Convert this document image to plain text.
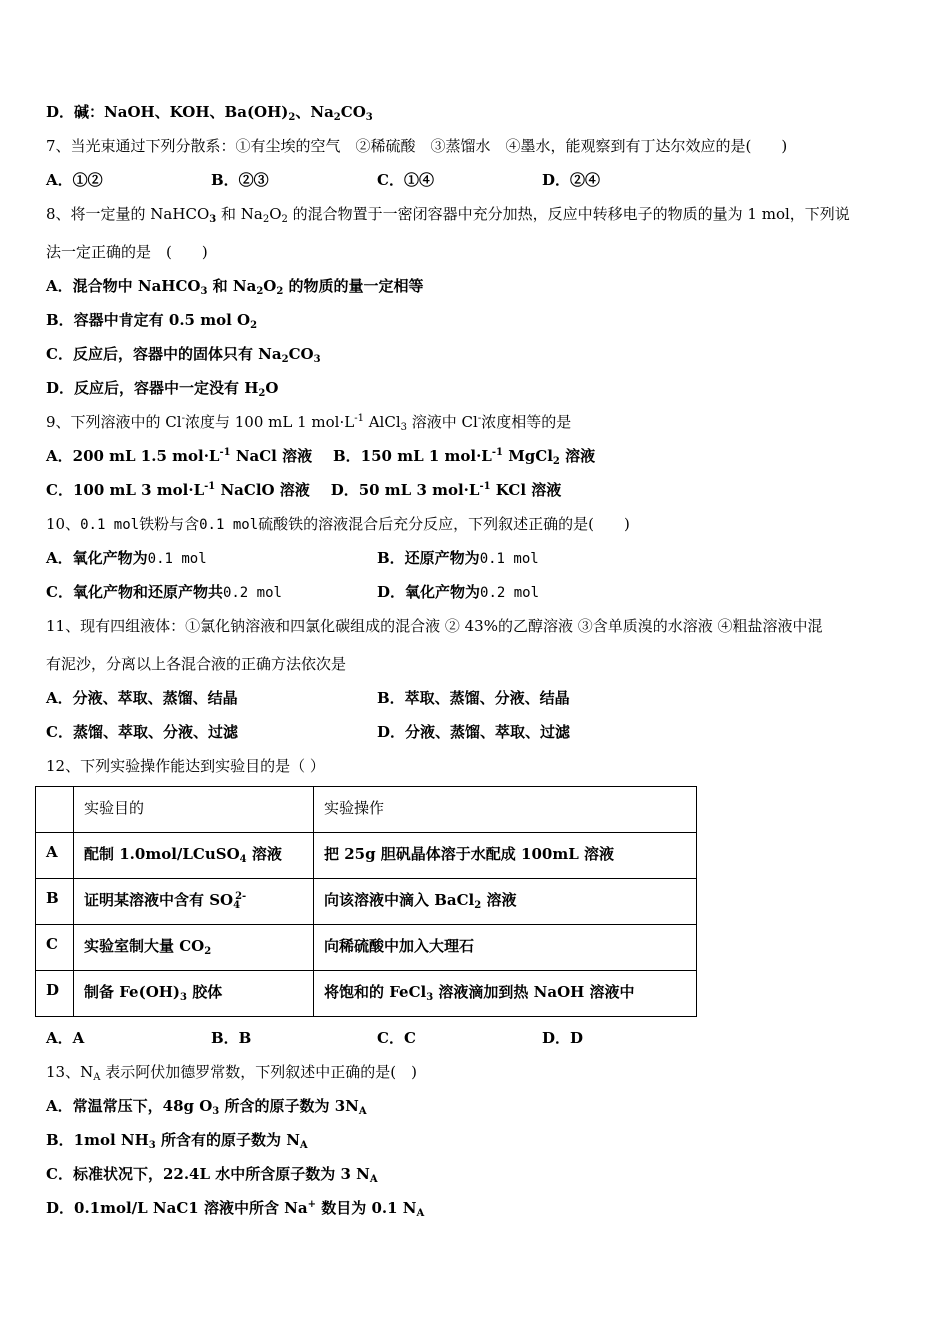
D．碱：NaOH、KOH、$Ba(OH)_2$、$Na_2CO_3$
7、当光束通过下列分散系：①有尘埃的空气　②稀硫酸　③蒸馏水　④墨水，能观察到有丁达尔效应的是(　　)
A．①②	B．②③	C．①④	D．②④
8、将一定量的 NaHCO$_3$ 和 $Na_2O_2$ 的混合物置于一密闭容器中充分加热，反应中转移电子的物质的量为 1 mol，下列说
法一定正确的是　(　　)
A．混合物中 NaHCO$_3$ 和 $Na_2O_2$ 的物质的量一定相等
B．容器中肯定有 0.5 mol $O_2$
C．反应后，容器中的固体只有 $Na_2CO_3$
D．反应后，容器中一定没有 $H_2O$
9、下列溶液中的 Cl-浓度与 100 mL 1 $mol\cdot L^{-1}$ AlCl$_3$ 溶液中 Cl-浓度相等的是
A．200 mL 1.5 $mol\cdot L^{-1}$ NaCl 溶液 B．150 mL 1 $mol\cdot L^{-1}$ MgCl$_2$ 溶液
C．100 mL 3 $mol\cdot L^{-1}$ NaClO 溶液 D．50 mL 3 $mol\cdot L^{-1}$ KCl 溶液
10、0.1 mol铁粉与含0.1 mol硫酸铁的溶液混合后充分反应，下列叙述正确的是(　　)
A．氧化产物为0.1 mol	B．还原产物为0.1 mol
C．氧化产物和还原产物共0.2 mol	D．氧化产物为0.2 mol
11、现有四组液体：①氯化钠溶液和四氯化碳组成的混合液 ② 43%的乙醇溶液 ③含单质溴的水溶液 ④粗盐溶液中混
有泥沙，分离以上各混合液的正确方法依次是
A．分液、萃取、蒸馏、结晶	B．萃取、蒸馏、分液、结晶
C．蒸馏、萃取、分液、过滤	D．分液、蒸馏、萃取、过滤
12、下列实验操作能达到实验目的是（ ）
	实验目的	实验操作
A	配制 1.0mol/LCuSO$_4$ 溶液	把 25g 胆矾晶体溶于水配成 100mL 溶液
B	证明某溶液中含有 $SO_4^{2-}$	向该溶液中滴入 BaCl$_2$ 溶液
C	实验室制大量 $CO_2$	向稀硫酸中加入大理石
D	制备 $Fe(OH)_3$ 胶体	将饱和的 FeCl$_3$ 溶液滴加到热 NaOH 溶液中
A．A	B．B	C．C	D．D
13、$N_A$ 表示阿伏加德罗常数，下列叙述中正确的是(　)
A．常温常压下，48g $O_3$ 所含的原子数为 $3N_A$
B．1mol $NH_3$ 所含有的原子数为 $N_A$
C．标准状况下，22.4L 水中所含原子数为 3 $N_A$
D．0.1mol/L NaC1 溶液中所含 Na+ 数目为 0.1 $N_A$
